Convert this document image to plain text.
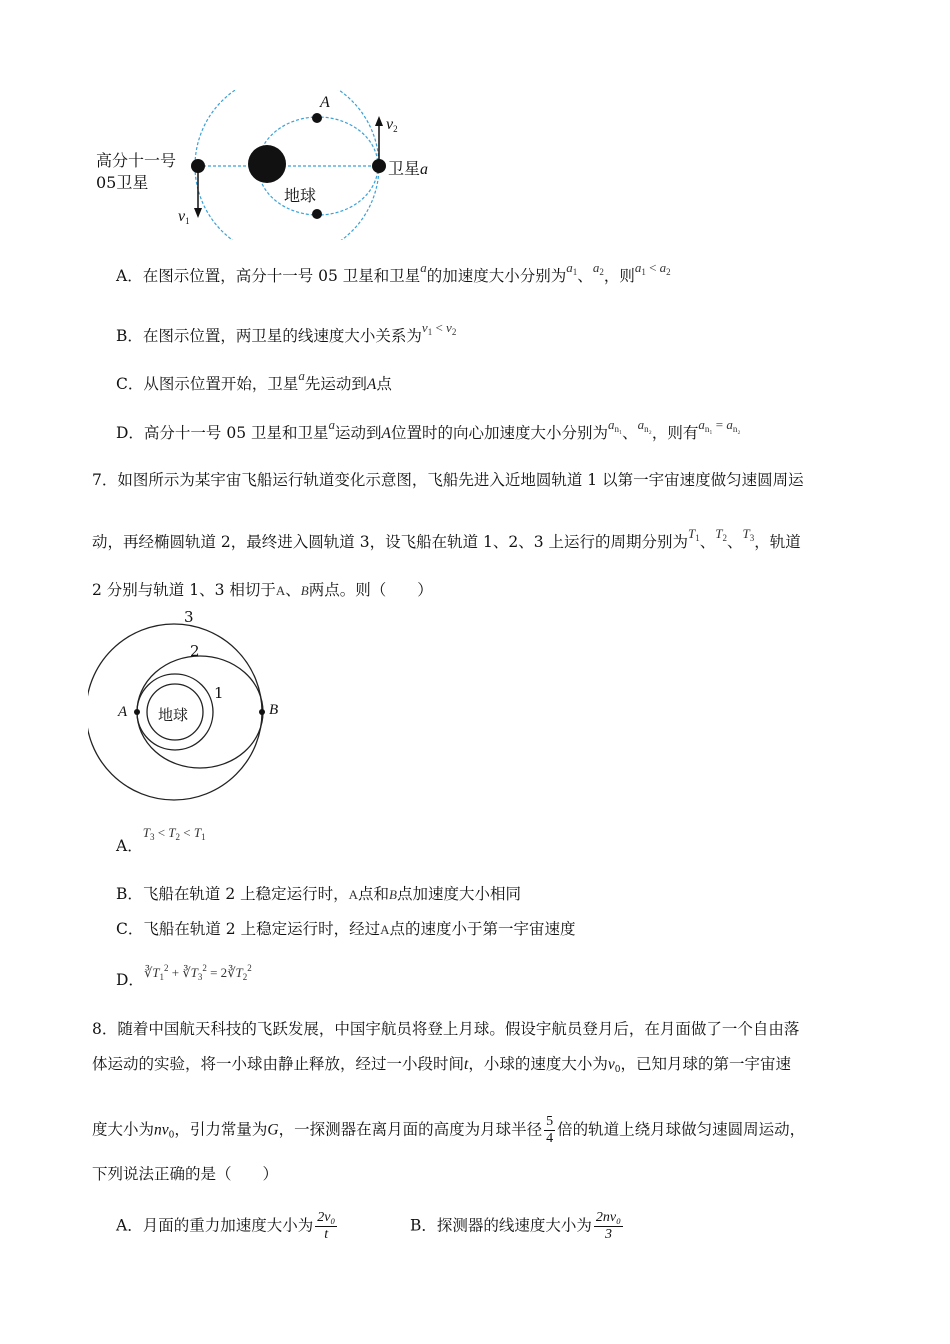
高分十一号
05卫星
地球
卫星a
A
$v_1$
$v_2$
A．在图示位置，高分十一号 05 卫星和卫星$^a$的加速度大小分别为$^{a_1}$、$^{a_2}$，则$^{a_1 < a_2}$
B．在图示位置，两卫星的线速度大小关系为$^{v_1 < v_2}$
C．从图示位置开始，卫星$^a$先运动到A点
D．高分十一号 05 卫星和卫星$^a$运动到A位置时的向心加速度大小分别为$^{a_{n_1}}$、$^{a_{n_2}}$，则有$^{a_{n_1} = a_{n_2}}$
7．如图所示为某宇宙飞船运行轨道变化示意图，飞船先进入近地圆轨道 1 以第一宇宙速度做匀速圆周运
动，再经椭圆轨道 2，最终进入圆轨道 3，设飞船在轨道 1、2、3 上运行的周期分别为$^{T_1}$、$^{T_2}$、$^{T_3}$，轨道
2 分别与轨道 1、3 相切于A、B两点。则（　　）
3
2
1
A	B
地球
A．$^{T_3 < T_2 < T_1}$
B．飞船在轨道 2 上稳定运行时，A点和B点加速度大小相同
C．飞船在轨道 2 上稳定运行时，经过A点的速度小于第一宇宙速度
D．$^{∛T_1^2 + ∛T_3^2 = 2∛T_2^2}$
8．随着中国航天科技的飞跃发展，中国宇航员将登上月球。假设宇航员登月后，在月面做了一个自由落
体运动的实验，将一小球由静止释放，经过一小段时间t，小球的速度大小为$v_0$，已知月球的第一宇宙速
度大小为$nv_0$，引力常量为G，一探测器在离月面的高度为月球半径 $\frac{5}{4}$ 倍的轨道上绕月球做匀速圆周运动，
下列说法正确的是（　　）
A．月面的重力加速度大小为 $\frac{\text{2v₀}}{t}$	B．探测器的线速度大小为 $\frac{\text{2nv₀}}{3}$
